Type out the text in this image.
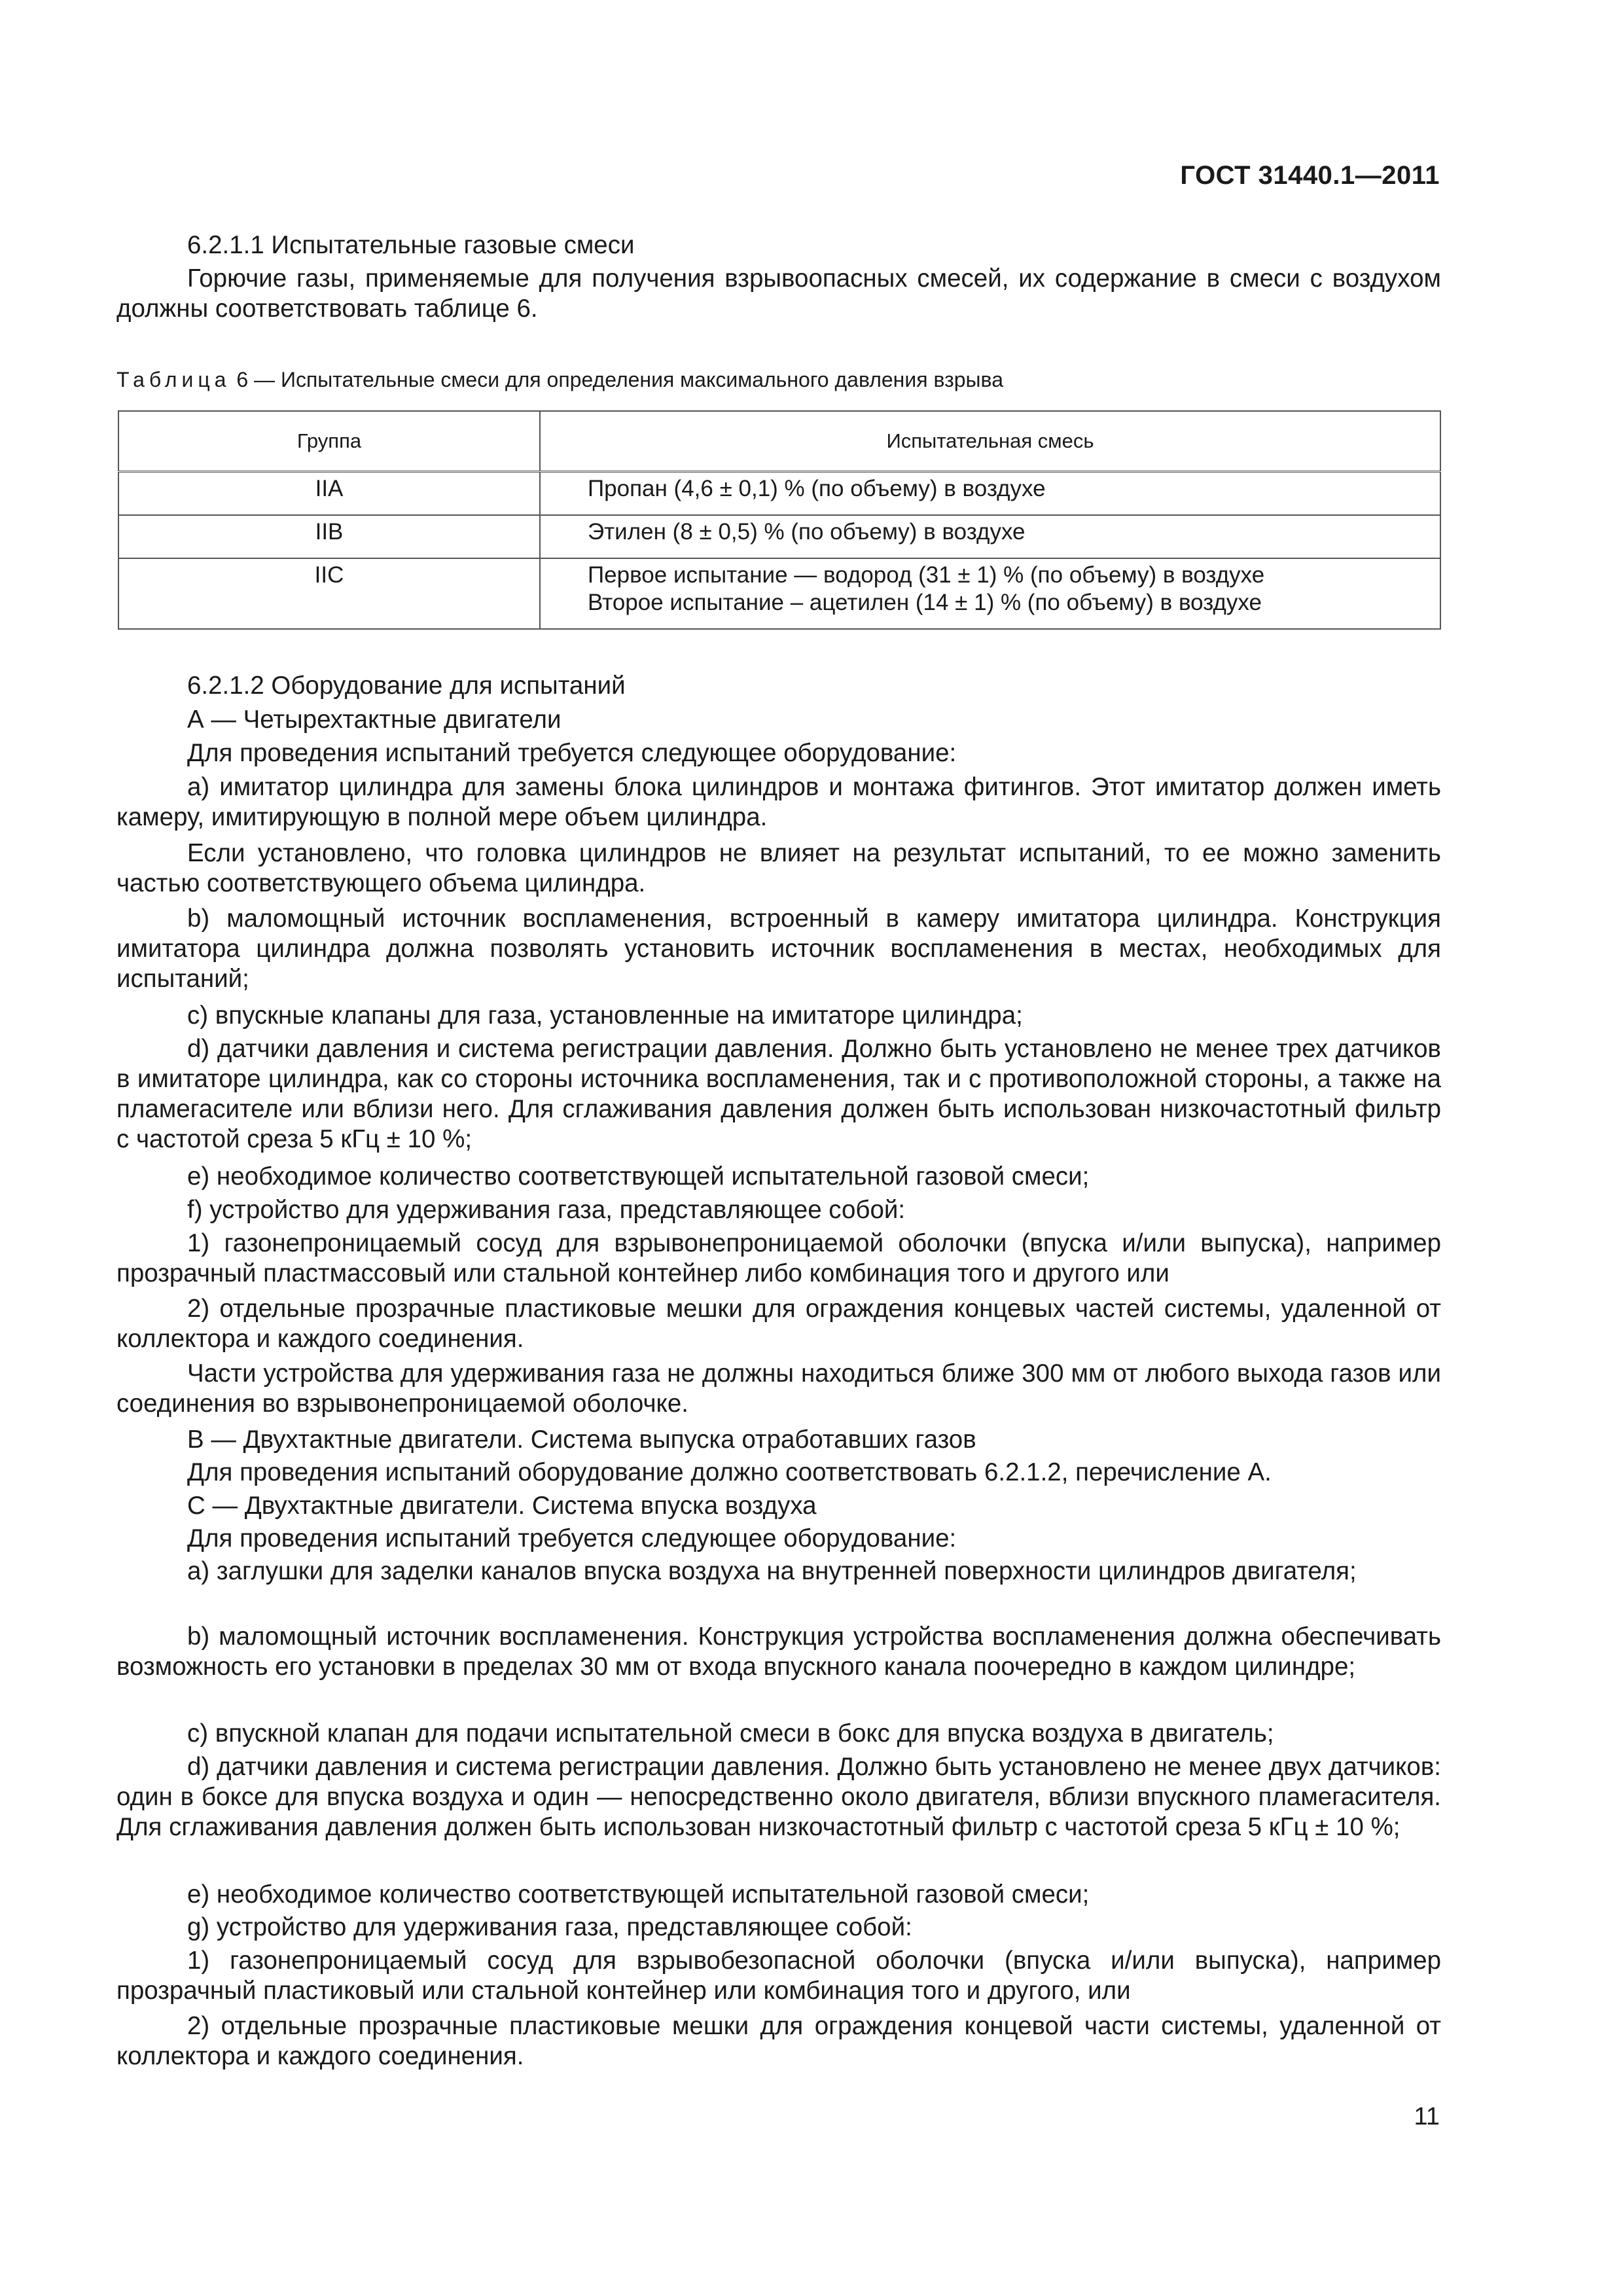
ГОСТ 31440.1—2011
6.2.1.1 Испытательные газовые смеси
Горючие газы, применяемые для получения взрывоопасных смесей, их содержание в смеси с воздухом должны соответствовать таблице 6.
Таблица 6 — Испытательные смеси для определения максимального давления взрыва
Группа	Испытательная смесь
IIA	Пропан (4,6 ± 0,1) % (по объему) в воздухе
IIB	Этилен (8 ± 0,5) % (по объему) в воздухе
IIC	Первое испытание — водород (31 ± 1) % (по объему) в воздухе
Второе испытание – ацетилен (14 ± 1) % (по объему) в воздухе
6.2.1.2 Оборудование для испытаний
А — Четырехтактные двигатели
Для проведения испытаний требуется следующее оборудование:
a) имитатор цилиндра для замены блока цилиндров и монтажа фитингов. Этот имитатор должен иметь камеру, имитирующую в полной мере объем цилиндра.
Если установлено, что головка цилиндров не влияет на результат испытаний, то ее можно заменить частью соответствующего объема цилиндра.
b) маломощный источник воспламенения, встроенный в камеру имитатора цилиндра. Конструкция имитатора цилиндра должна позволять установить источник воспламенения в местах, необходимых для испытаний;
c) впускные клапаны для газа, установленные на имитаторе цилиндра;
d) датчики давления и система регистрации давления. Должно быть установлено не менее трех датчиков в имитаторе цилиндра, как со стороны источника воспламенения, так и с противоположной стороны, а также на пламегасителе или вблизи него. Для сглаживания давления должен быть использован низкочастотный фильтр с частотой среза 5 кГц ± 10 %;
e) необходимое количество соответствующей испытательной газовой смеси;
f) устройство для удерживания газа, представляющее собой:
1) газонепроницаемый сосуд для взрывонепроницаемой оболочки (впуска и/или выпуска), например прозрачный пластмассовый или стальной контейнер либо комбинация того и другого или
2) отдельные прозрачные пластиковые мешки для ограждения концевых частей системы, удаленной от коллектора и каждого соединения.
Части устройства для удерживания газа не должны находиться ближе 300 мм от любого выхода газов или соединения во взрывонепроницаемой оболочке.
B — Двухтактные двигатели. Система выпуска отработавших газов
Для проведения испытаний оборудование должно соответствовать 6.2.1.2, перечисление А.
С — Двухтактные двигатели. Система впуска воздуха
Для проведения испытаний требуется следующее оборудование:
a) заглушки для заделки каналов впуска воздуха на внутренней поверхности цилиндров двигателя;
b) маломощный источник воспламенения. Конструкция устройства воспламенения должна обеспечивать возможность его установки в пределах 30 мм от входа впускного канала поочередно в каждом цилиндре;
c) впускной клапан для подачи испытательной смеси в бокс для впуска воздуха в двигатель;
d) датчики давления и система регистрации давления. Должно быть установлено не менее двух датчиков: один в боксе для впуска воздуха и один — непосредственно около двигателя, вблизи впускного пламегасителя. Для сглаживания давления должен быть использован низкочастотный фильтр с частотой среза 5 кГц ± 10 %;
e) необходимое количество соответствующей испытательной газовой смеси;
g) устройство для удерживания газа, представляющее собой:
1) газонепроницаемый сосуд для взрывобезопасной оболочки (впуска и/или выпуска), например прозрачный пластиковый или стальной контейнер или комбинация того и другого, или
2) отдельные прозрачные пластиковые мешки для ограждения концевой части системы, удаленной от коллектора и каждого соединения.
11
